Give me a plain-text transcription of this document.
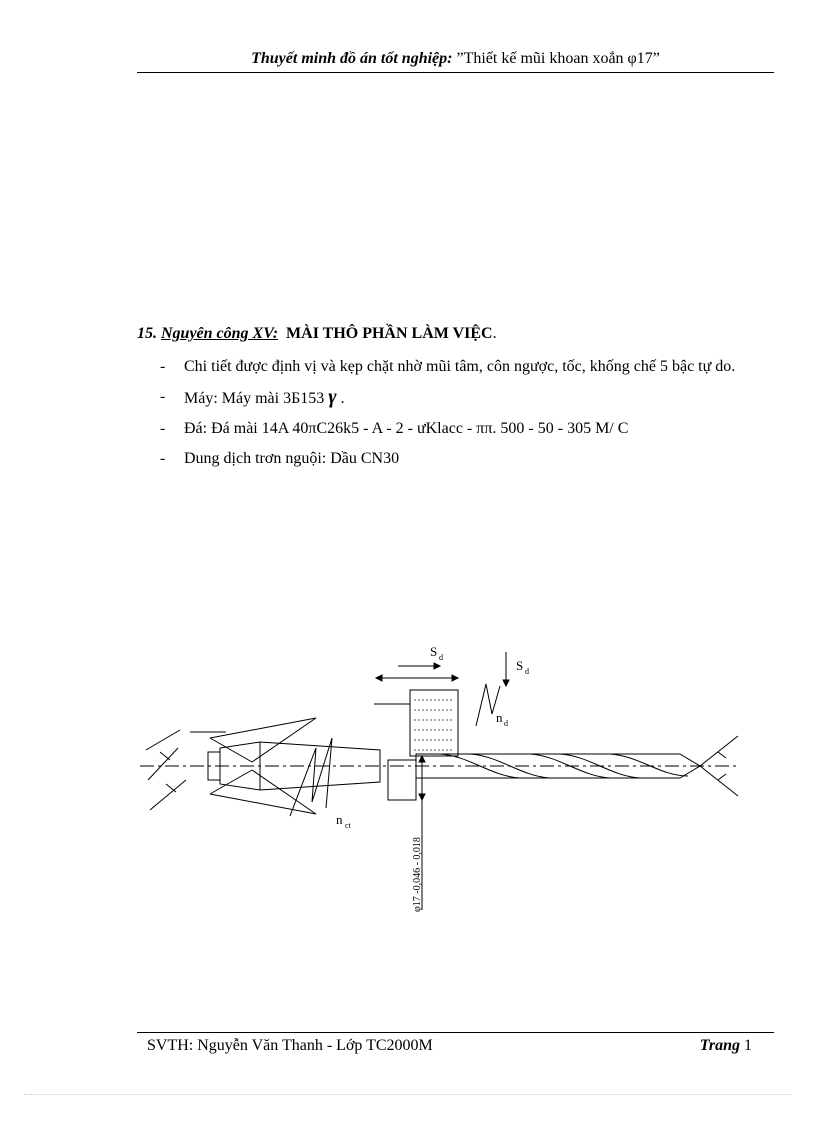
Thuyết minh đồ án tốt nghiệp: ”Thiết kế mũi khoan xoắn φ17”
15. Nguyên công XV: MÀI THÔ PHẦN LÀM VIỆC.
-	Chi tiết được định vị và kẹp chặt nhờ mũi tâm, côn ngược, tốc, khống chế 5 bậc tự do.
-	Máy: Máy mài 3Б153 γ .
-	Đá: Đá mài 14A 40πC26k5 - A - 2 - ưKlacc - ππ. 500 - 50 - 305 M/ C
-	Dung dịch trơn nguội: Dầu CN30
S d
S d
n d
n ct
φ17 -0,046 - 0,018
SVTH: Nguyễn Văn Thanh - Lớp TC2000M	Trang 1
